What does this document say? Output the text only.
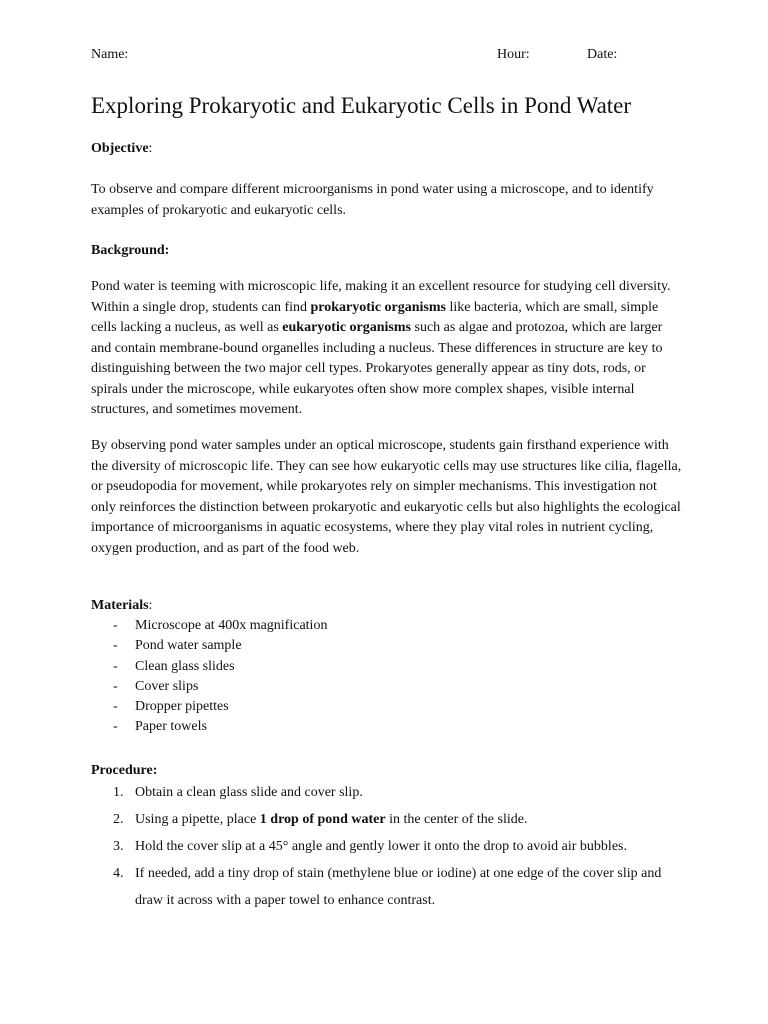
Name:	Hour:	Date:
Exploring Prokaryotic and Eukaryotic Cells in Pond Water
Objective:

To observe and compare different microorganisms in pond water using a microscope, and to identify examples of prokaryotic and eukaryotic cells.

Background:

Pond water is teeming with microscopic life, making it an excellent resource for studying cell diversity. Within a single drop, students can find prokaryotic organisms like bacteria, which are small, simple cells lacking a nucleus, as well as eukaryotic organisms such as algae and protozoa, which are larger and contain membrane-bound organelles including a nucleus. These differences in structure are key to distinguishing between the two major cell types. Prokaryotes generally appear as tiny dots, rods, or spirals under the microscope, while eukaryotes often show more complex shapes, visible internal structures, and sometimes movement.

By observing pond water samples under an optical microscope, students gain firsthand experience with the diversity of microscopic life. They can see how eukaryotic cells may use structures like cilia, flagella, or pseudopodia for movement, while prokaryotes rely on simpler mechanisms. This investigation not only reinforces the distinction between prokaryotic and eukaryotic cells but also highlights the ecological importance of microorganisms in aquatic ecosystems, where they play vital roles in nutrient cycling, oxygen production, and as part of the food web.

Materials:
- Microscope at 400x magnification
- Pond water sample
- Clean glass slides
- Cover slips
- Dropper pipettes
- Paper towels
Procedure:
1. Obtain a clean glass slide and cover slip.
2. Using a pipette, place 1 drop of pond water in the center of the slide.
3. Hold the cover slip at a 45° angle and gently lower it onto the drop to avoid air bubbles.
4. If needed, add a tiny drop of stain (methylene blue or iodine) at one edge of the cover slip and draw it across with a paper towel to enhance contrast.
